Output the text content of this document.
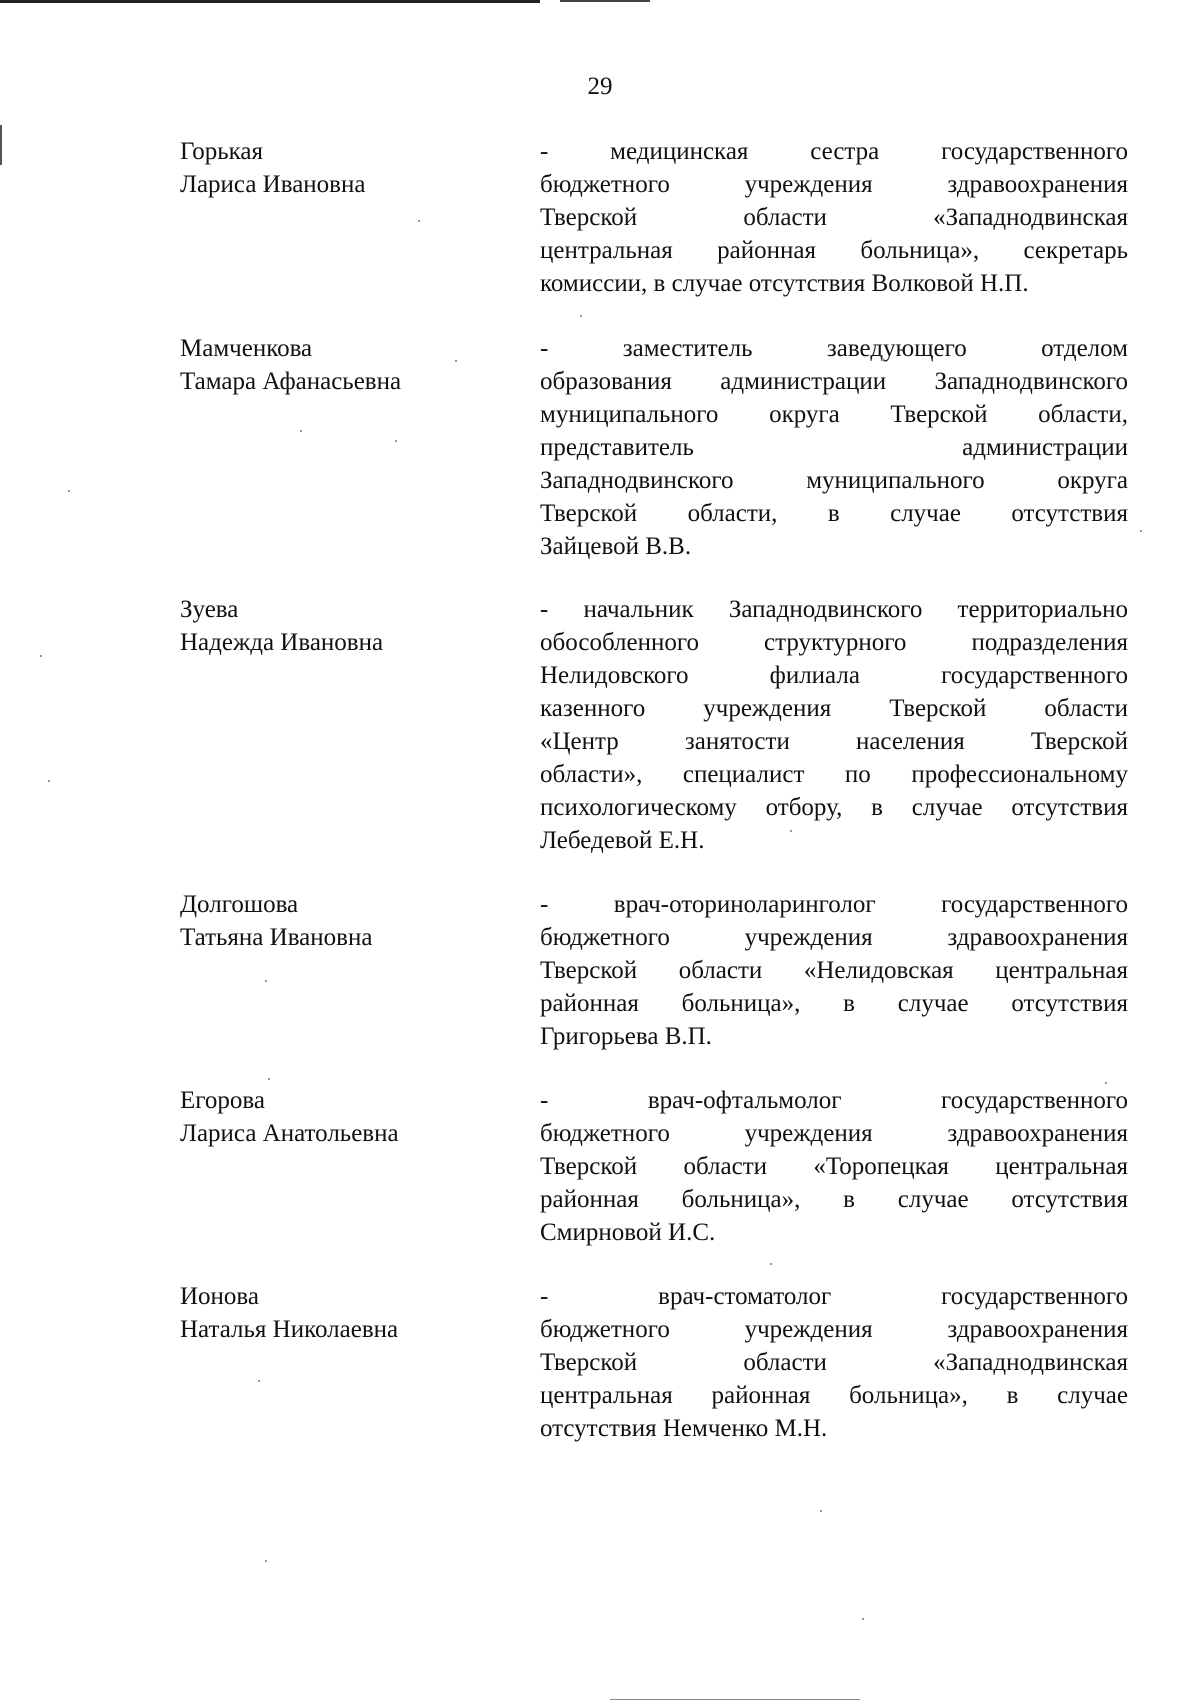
29
Горькая
Лариса Ивановна
- медицинская сестра государственного
бюджетного учреждения здравоохранения
Тверской области «Западнодвинская
центральная районная больница», секретарь
комиссии, в случае отсутствия Волковой Н.П.
Мамченкова
Тамара Афанасьевна
- заместитель заведующего отделом
образования администрации Западнодвинского
муниципального округа Тверской области,
представитель администрации
Западнодвинского муниципального округа
Тверской области, в случае отсутствия
Зайцевой В.В.
Зуева
Надежда Ивановна
- начальник Западнодвинского территориально
обособленного структурного подразделения
Нелидовского филиала государственного
казенного учреждения Тверской области
«Центр занятости населения Тверской
области», специалист по профессиональному
психологическому отбору, в случае отсутствия
Лебедевой Е.Н.
Долгошова
Татьяна Ивановна
- врач-оториноларинголог государственного
бюджетного учреждения здравоохранения
Тверской области «Нелидовская центральная
районная больница», в случае отсутствия
Григорьева В.П.
Егорова
Лариса Анатольевна
- врач-офтальмолог государственного
бюджетного учреждения здравоохранения
Тверской области «Торопецкая центральная
районная больница», в случае отсутствия
Смирновой И.С.
Ионова
Наталья Николаевна
- врач-стоматолог государственного
бюджетного учреждения здравоохранения
Тверской области «Западнодвинская
центральная районная больница», в случае
отсутствия Немченко М.Н.
